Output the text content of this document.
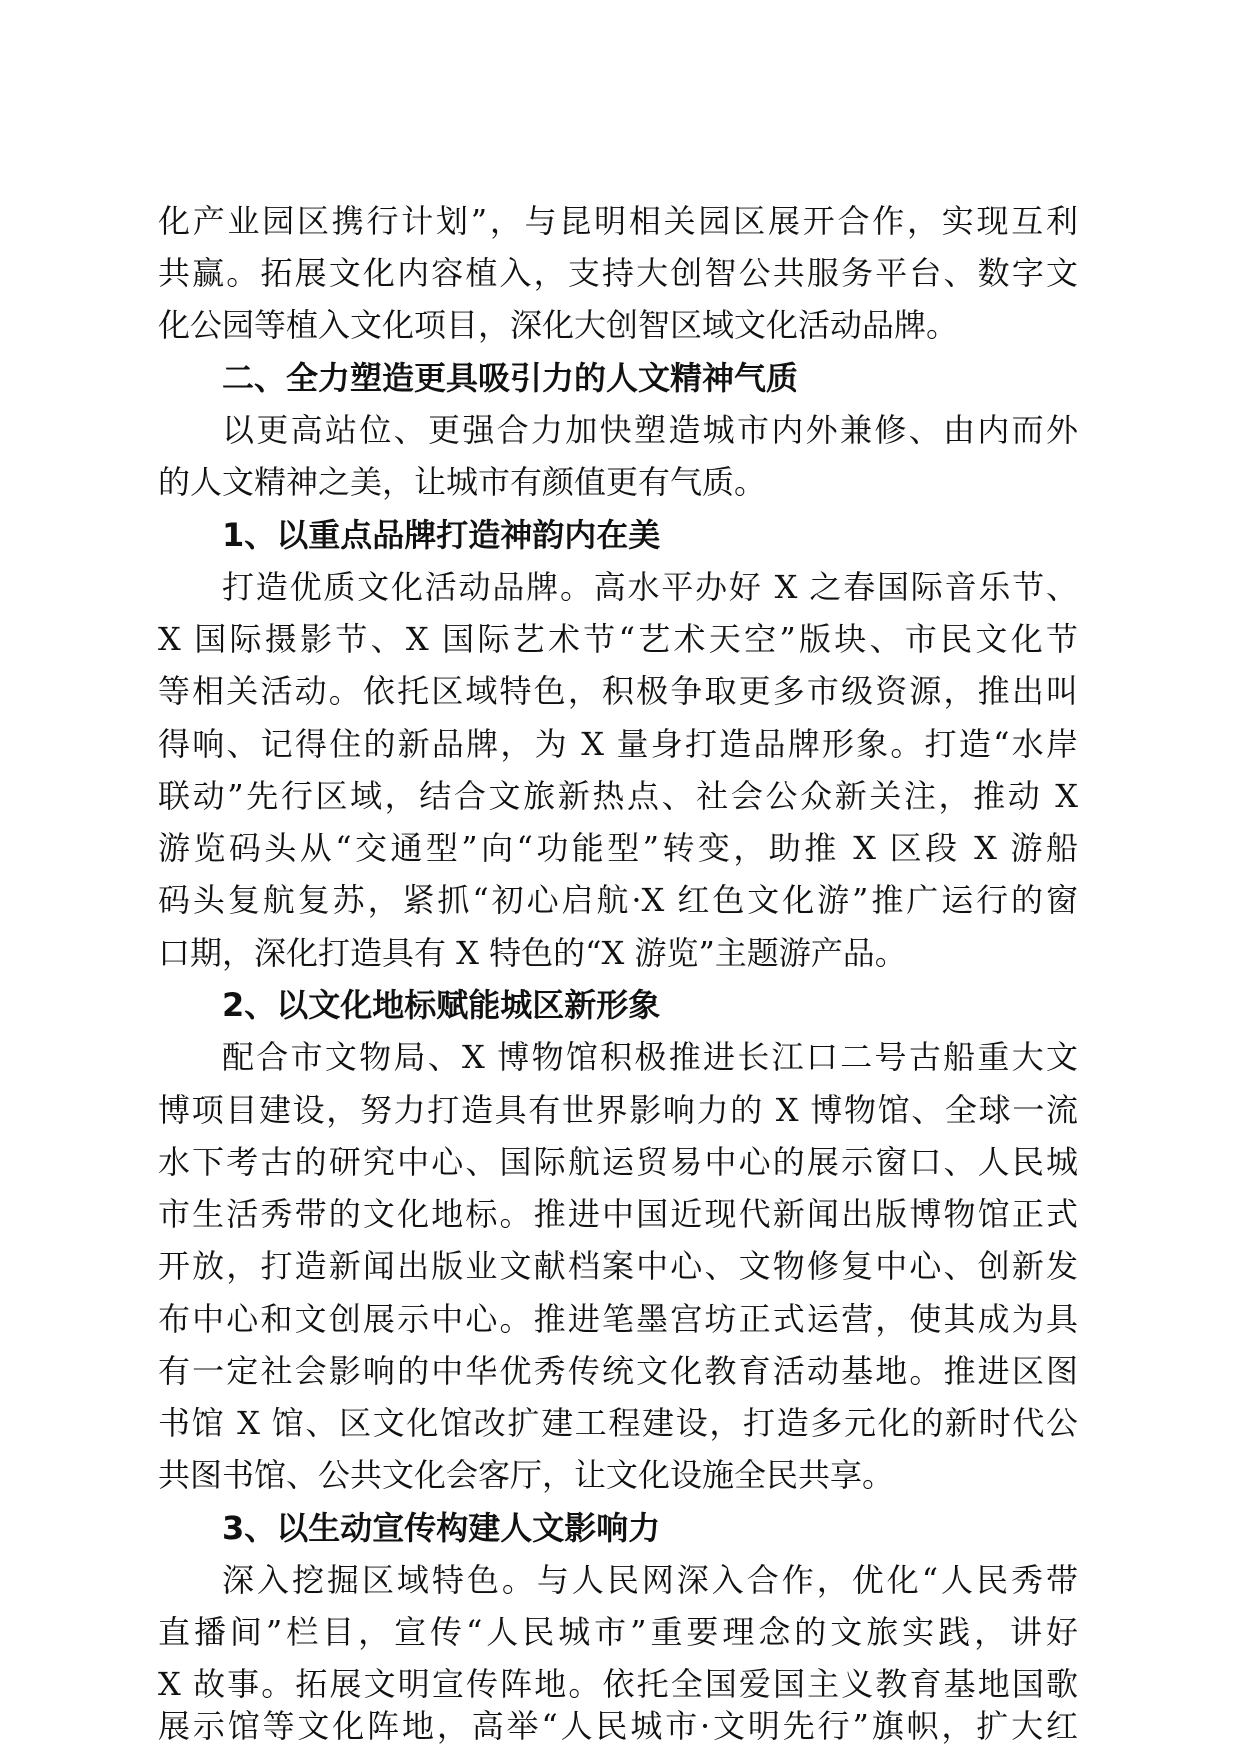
化产业园区携行计划”，与昆明相关园区展开合作，实现互利
共赢。拓展文化内容植入，支持大创智公共服务平台、数字文
化公园等植入文化项目，深化大创智区域文化活动品牌。
二、全力塑造更具吸引力的人文精神气质
以更高站位、更强合力加快塑造城市内外兼修、由内而外
的人文精神之美，让城市有颜值更有气质。
1、以重点品牌打造神韵内在美
打造优质文化活动品牌。高水平办好 X 之春国际音乐节、
X 国际摄影节、X 国际艺术节“艺术天空”版块、市民文化节
等相关活动。依托区域特色，积极争取更多市级资源，推出叫
得响、记得住的新品牌，为 X 量身打造品牌形象。打造“水岸
联动”先行区域，结合文旅新热点、社会公众新关注，推动 X
游览码头从“交通型”向“功能型”转变，助推 X 区段 X 游船
码头复航复苏，紧抓“初心启航·X 红色文化游”推广运行的窗
口期，深化打造具有 X 特色的“X 游览”主题游产品。
2、以文化地标赋能城区新形象
配合市文物局、X 博物馆积极推进长江口二号古船重大文
博项目建设，努力打造具有世界影响力的 X 博物馆、全球一流
水下考古的研究中心、国际航运贸易中心的展示窗口、人民城
市生活秀带的文化地标。推进中国近现代新闻出版博物馆正式
开放，打造新闻出版业文献档案中心、文物修复中心、创新发
布中心和文创展示中心。推进笔墨宫坊正式运营，使其成为具
有一定社会影响的中华优秀传统文化教育活动基地。推进区图
书馆 X 馆、区文化馆改扩建工程建设，打造多元化的新时代公
共图书馆、公共文化会客厅，让文化设施全民共享。
3、以生动宣传构建人文影响力
深入挖掘区域特色。与人民网深入合作，优化“人民秀带
直播间”栏目，宣传“人民城市”重要理念的文旅实践，讲好
X 故事。拓展文明宣传阵地。依托全国爱国主义教育基地国歌
展示馆等文化阵地，高举“人民城市·文明先行”旗帜，扩大红
